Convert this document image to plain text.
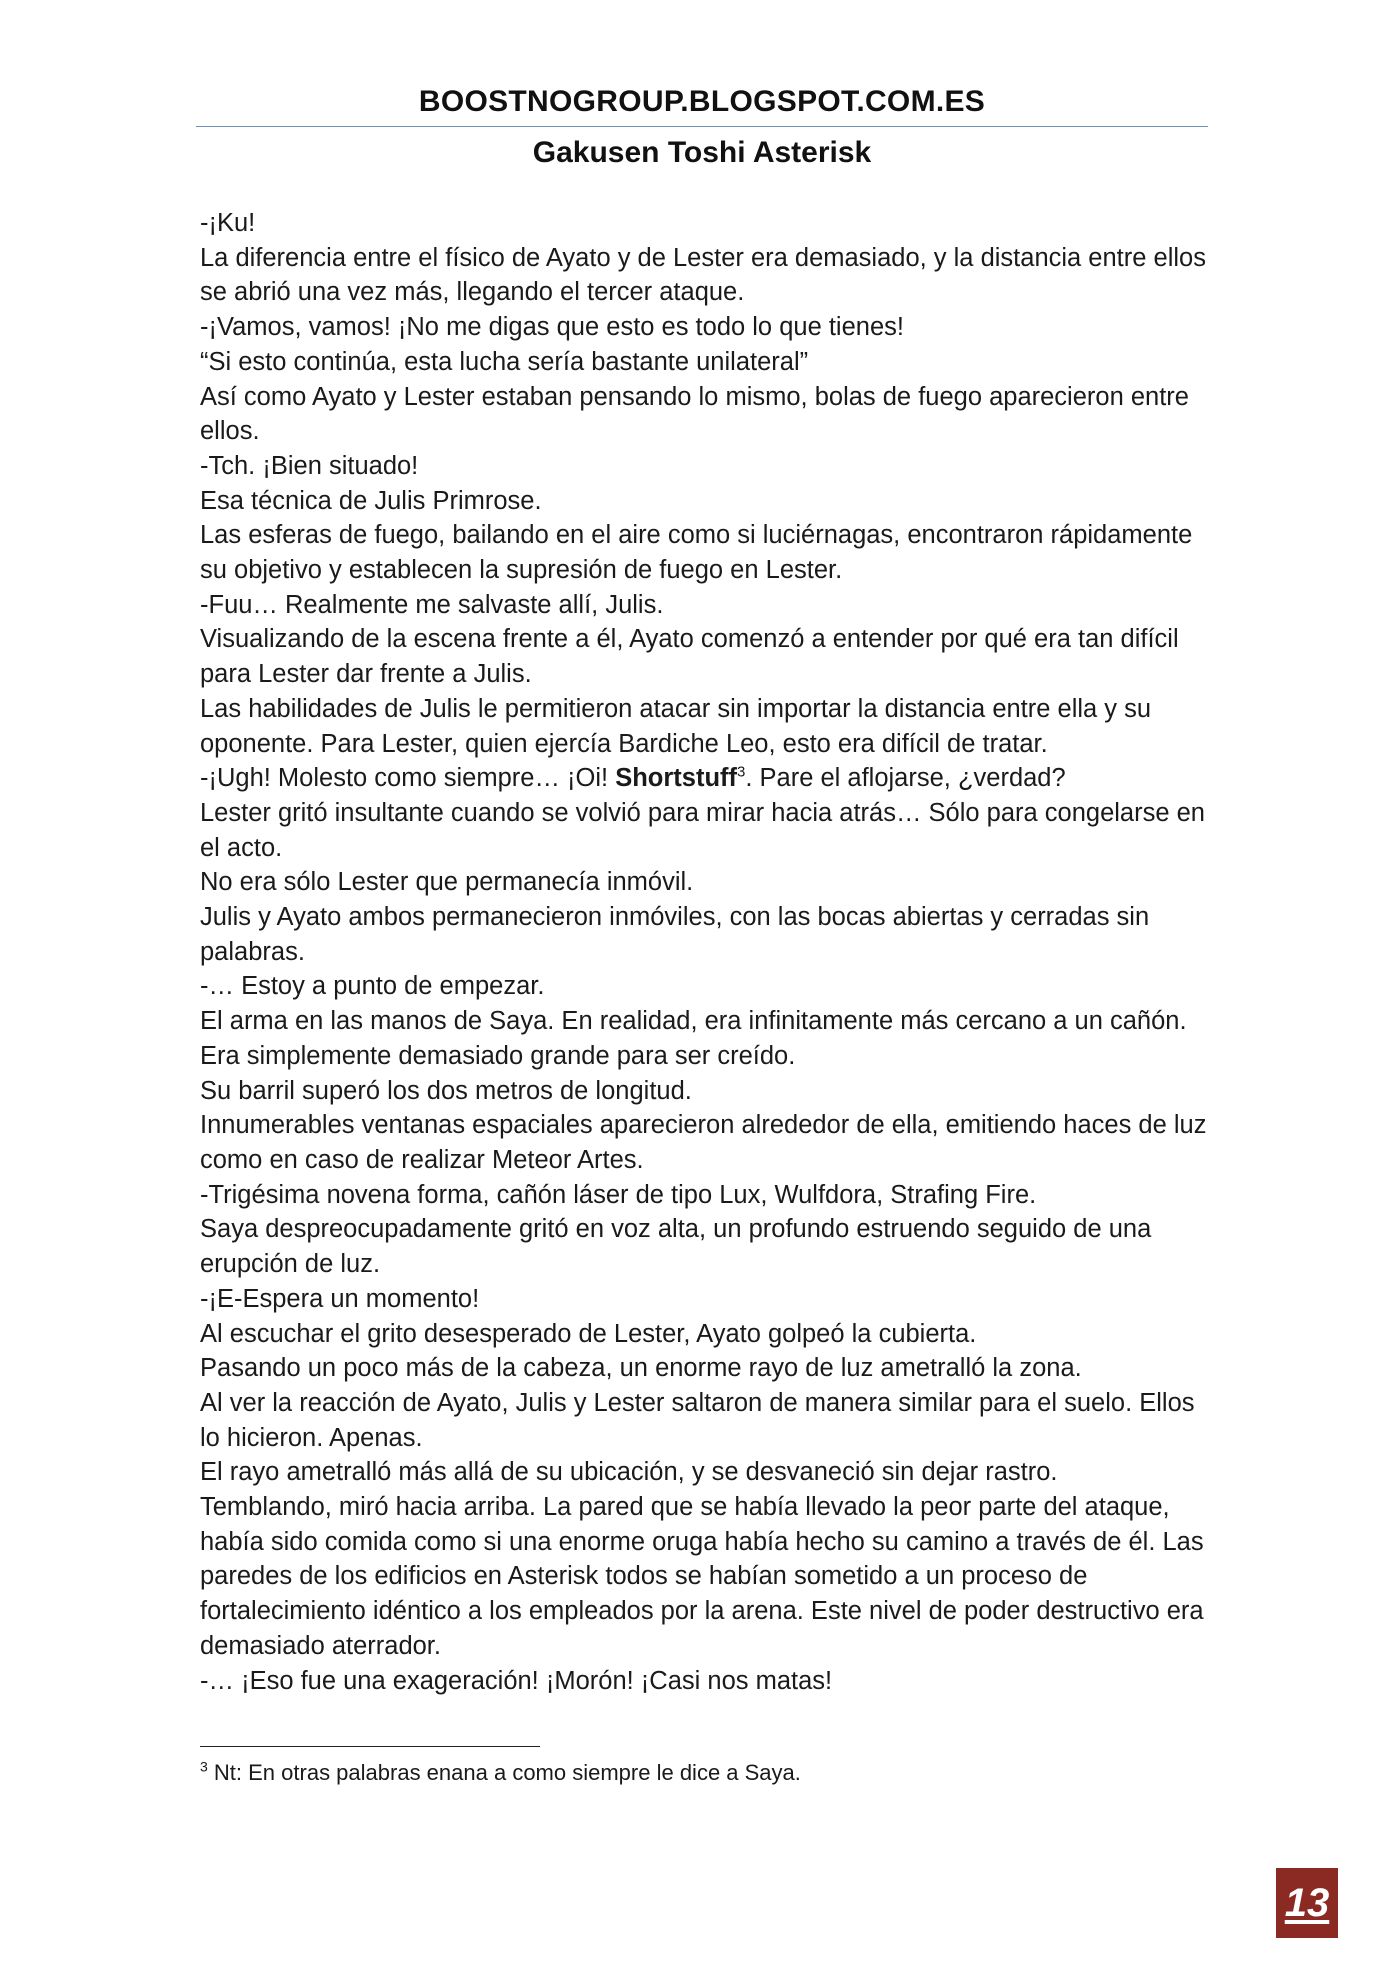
BOOSTNOGROUP.BLOGSPOT.COM.ES
Gakusen Toshi Asterisk

-¡Ku!

La diferencia entre el físico de Ayato y de Lester era demasiado, y la distancia entre ellos se abrió una vez más, llegando el tercer ataque.

-¡Vamos, vamos! ¡No me digas que esto es todo lo que tienes!

“Si esto continúa, esta lucha sería bastante unilateral”

Así como Ayato y Lester estaban pensando lo mismo, bolas de fuego aparecieron entre ellos.

-Tch. ¡Bien situado!

Esa técnica de Julis Primrose.

Las esferas de fuego, bailando en el aire como si luciérnagas, encontraron rápidamente su objetivo y establecen la supresión de fuego en Lester.

-Fuu… Realmente me salvaste allí, Julis.

Visualizando de la escena frente a él, Ayato comenzó a entender por qué era tan difícil para Lester dar frente a Julis.

Las habilidades de Julis le permitieron atacar sin importar la distancia entre ella y su oponente. Para Lester, quien ejercía Bardiche Leo, esto era difícil de tratar.

-¡Ugh! Molesto como siempre… ¡Oi! Shortstuff$^3$. Pare el aflojarse, ¿verdad?

Lester gritó insultante cuando se volvió para mirar hacia atrás… Sólo para congelarse en el acto.

No era sólo Lester que permanecía inmóvil.

Julis y Ayato ambos permanecieron inmóviles, con las bocas abiertas y cerradas sin palabras.

-… Estoy a punto de empezar.

El arma en las manos de Saya. En realidad, era infinitamente más cercano a un cañón.

Era simplemente demasiado grande para ser creído.

Su barril superó los dos metros de longitud.

Innumerables ventanas espaciales aparecieron alrededor de ella, emitiendo haces de luz como en caso de realizar Meteor Artes.

-Trigésima novena forma, cañón láser de tipo Lux, Wulfdora, Strafing Fire.

Saya despreocupadamente gritó en voz alta, un profundo estruendo seguido de una erupción de luz.

-¡E-Espera un momento!

Al escuchar el grito desesperado de Lester, Ayato golpeó la cubierta.

Pasando un poco más de la cabeza, un enorme rayo de luz ametralló la zona.

Al ver la reacción de Ayato, Julis y Lester saltaron de manera similar para el suelo. Ellos lo hicieron. Apenas.

El rayo ametralló más allá de su ubicación, y se desvaneció sin dejar rastro.

Temblando, miró hacia arriba. La pared que se había llevado la peor parte del ataque, había sido comida como si una enorme oruga había hecho su camino a través de él. Las paredes de los edificios en Asterisk todos se habían sometido a un proceso de fortalecimiento idéntico a los empleados por la arena. Este nivel de poder destructivo era demasiado aterrador.

-… ¡Eso fue una exageración! ¡Morón! ¡Casi nos matas!

$^3$ Nt: En otras palabras enana a como siempre le dice a Saya.
13
